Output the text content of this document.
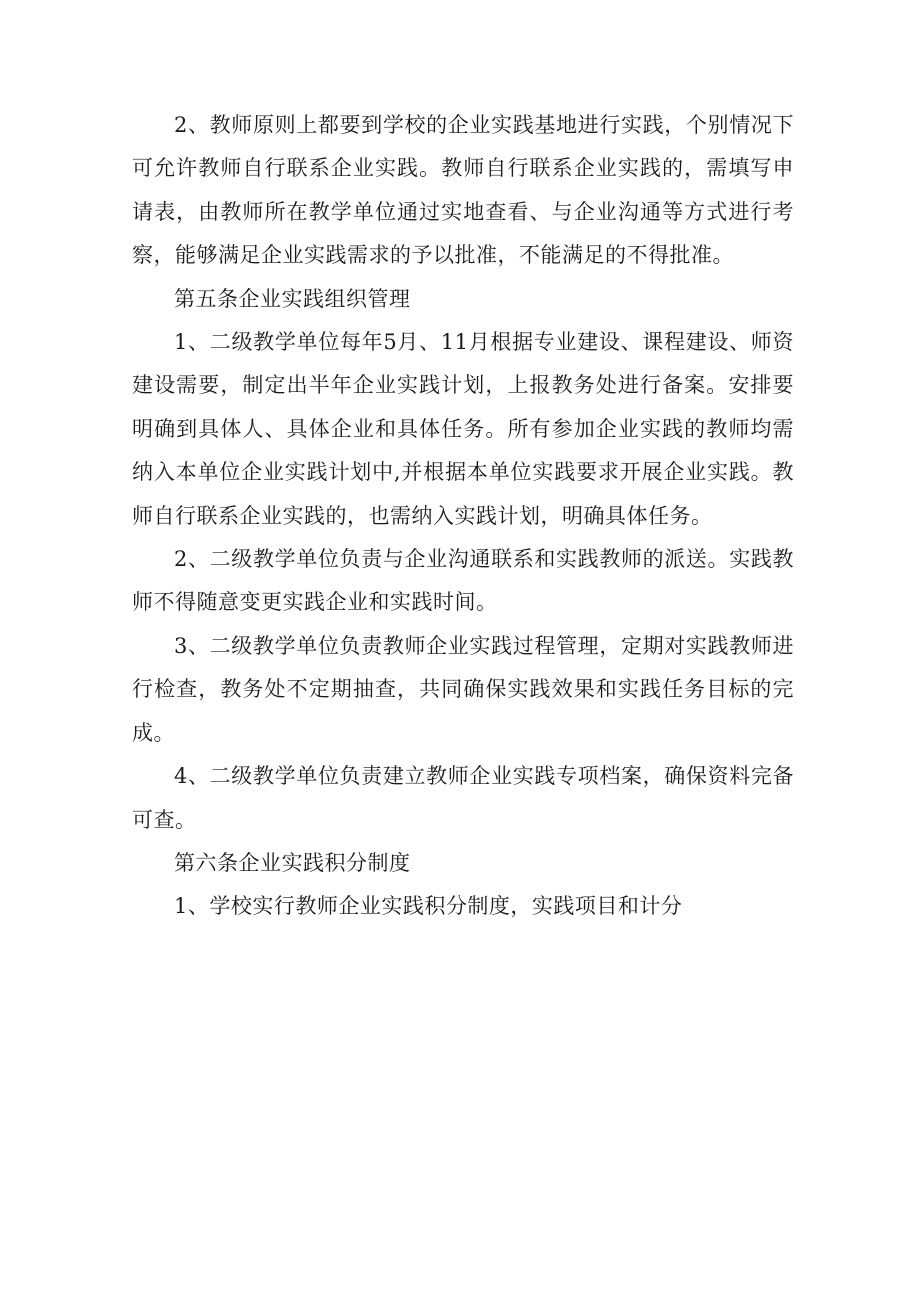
2、教师原则上都要到学校的企业实践基地进行实践，个别情况下可允许教师自行联系企业实践。教师自行联系企业实践的，需填写申请表，由教师所在教学单位通过实地查看、与企业沟通等方式进行考察，能够满足企业实践需求的予以批准，不能满足的不得批准。

第五条企业实践组织管理

1、二级教学单位每年5月、11月根据专业建设、课程建设、师资建设需要，制定出半年企业实践计划，上报教务处进行备案。安排要明确到具体人、具体企业和具体任务。所有参加企业实践的教师均需纳入本单位企业实践计划中,并根据本单位实践要求开展企业实践。教师自行联系企业实践的，也需纳入实践计划，明确具体任务。

2、二级教学单位负责与企业沟通联系和实践教师的派送。实践教师不得随意变更实践企业和实践时间。

3、二级教学单位负责教师企业实践过程管理，定期对实践教师进行检查，教务处不定期抽查，共同确保实践效果和实践任务目标的完成。

4、二级教学单位负责建立教师企业实践专项档案，确保资料完备可查。

第六条企业实践积分制度

1、学校实行教师企业实践积分制度，实践项目和计分
